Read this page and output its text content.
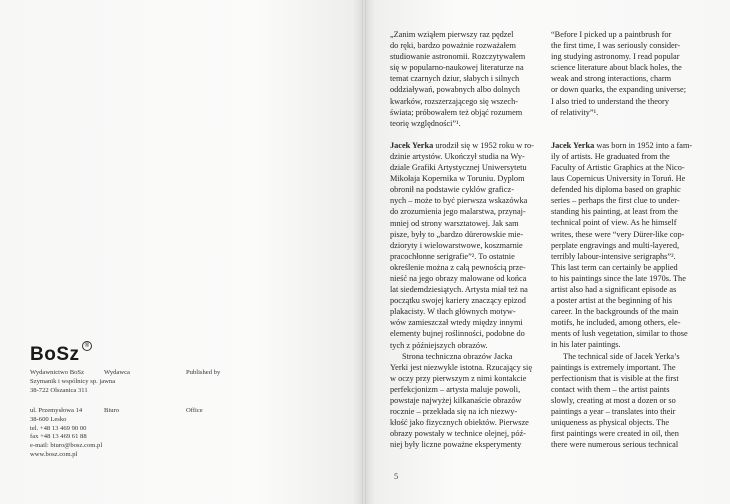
BoSz ®
Wydawnictwo BoSz
Szymanik i wspólnicy sp. jawna
38-722 Olszanica 311
Wydawca	Published by
ul. Przemysłowa 14
38-600 Lesko
tel. +48 13 469 90 00
fax +48 13 469 61 88
e-mail: biuro@bosz.com.pl
www.bosz.com.pl
Biuro	Office
„Zanim wziąłem pierwszy raz pędzel
do ręki, bardzo poważnie rozważałem
studiowanie astronomii. Rozczytywałem
się w popularno-naukowej literaturze na
temat czarnych dziur, słabych i silnych
oddziaływań, powabnych albo dolnych
kwarków, rozszerzającego się wszech-
świata; próbowałem też objąć rozumem
teorię względności”¹.
Jacek Yerka urodził się w 1952 roku w ro-
dzinie artystów. Ukończył studia na Wy-
dziale Grafiki Artystycznej Uniwersytetu
Mikołaja Kopernika w Toruniu. Dyplom
obronił na podstawie cyklów graficz-
nych – może to być pierwsza wskazówka
do zrozumienia jego malarstwa, przynaj-
mniej od strony warsztatowej. Jak sam
pisze, były to „bardzo dürerowskie mie-
dzioryty i wielowarstwowe, koszmarnie
pracochłonne serigrafie”². To ostatnie
określenie można z całą pewnością prze-
nieść na jego obrazy malowane od końca
lat siedemdziesiątych. Artysta miał też na
początku swojej kariery znaczący epizod
plakacisty. W tłach głównych motyw-
wów zamieszczał wtedy między innymi
elementy bujnej roślinności, podobne do
tych z późniejszych obrazów.
Strona techniczna obrazów Jacka
Yerki jest niezwykle istotna. Rzucający się
w oczy przy pierwszym z nimi kontakcie
perfekcjonizm – artysta maluje powoli,
powstaje najwyżej kilkanaście obrazów
rocznie – przekłada się na ich niezwy-
kłość jako fizycznych obiektów. Pierwsze
obrazy powstały w technice olejnej, póź-
niej były liczne poważne eksperymenty
“Before I picked up a paintbrush for
the first time, I was seriously consider-
ing studying astronomy. I read popular
science literature about black holes, the
weak and strong interactions, charm
or down quarks, the expanding universe;
I also tried to understand the theory
of relativity”¹.
Jacek Yerka was born in 1952 into a fam-
ily of artists. He graduated from the
Faculty of Artistic Graphics at the Nico-
laus Copernicus University in Toruń. He
defended his diploma based on graphic
series – perhaps the first clue to under-
standing his painting, at least from the
technical point of view. As he himself
writes, these were “very Dürer-like cop-
perplate engravings and multi-layered,
terribly labour-intensive serigraphs”².
This last term can certainly be applied
to his paintings since the late 1970s. The
artist also had a significant episode as
a poster artist at the beginning of his
career. In the backgrounds of the main
motifs, he included, among others, ele-
ments of lush vegetation, similar to those
in his later paintings.
The technical side of Jacek Yerka’s
paintings is extremely important. The
perfectionism that is visible at the first
contact with them – the artist paints
slowly, creating at most a dozen or so
paintings a year – translates into their
uniqueness as physical objects. The
first paintings were created in oil, then
there were numerous serious technical
5
